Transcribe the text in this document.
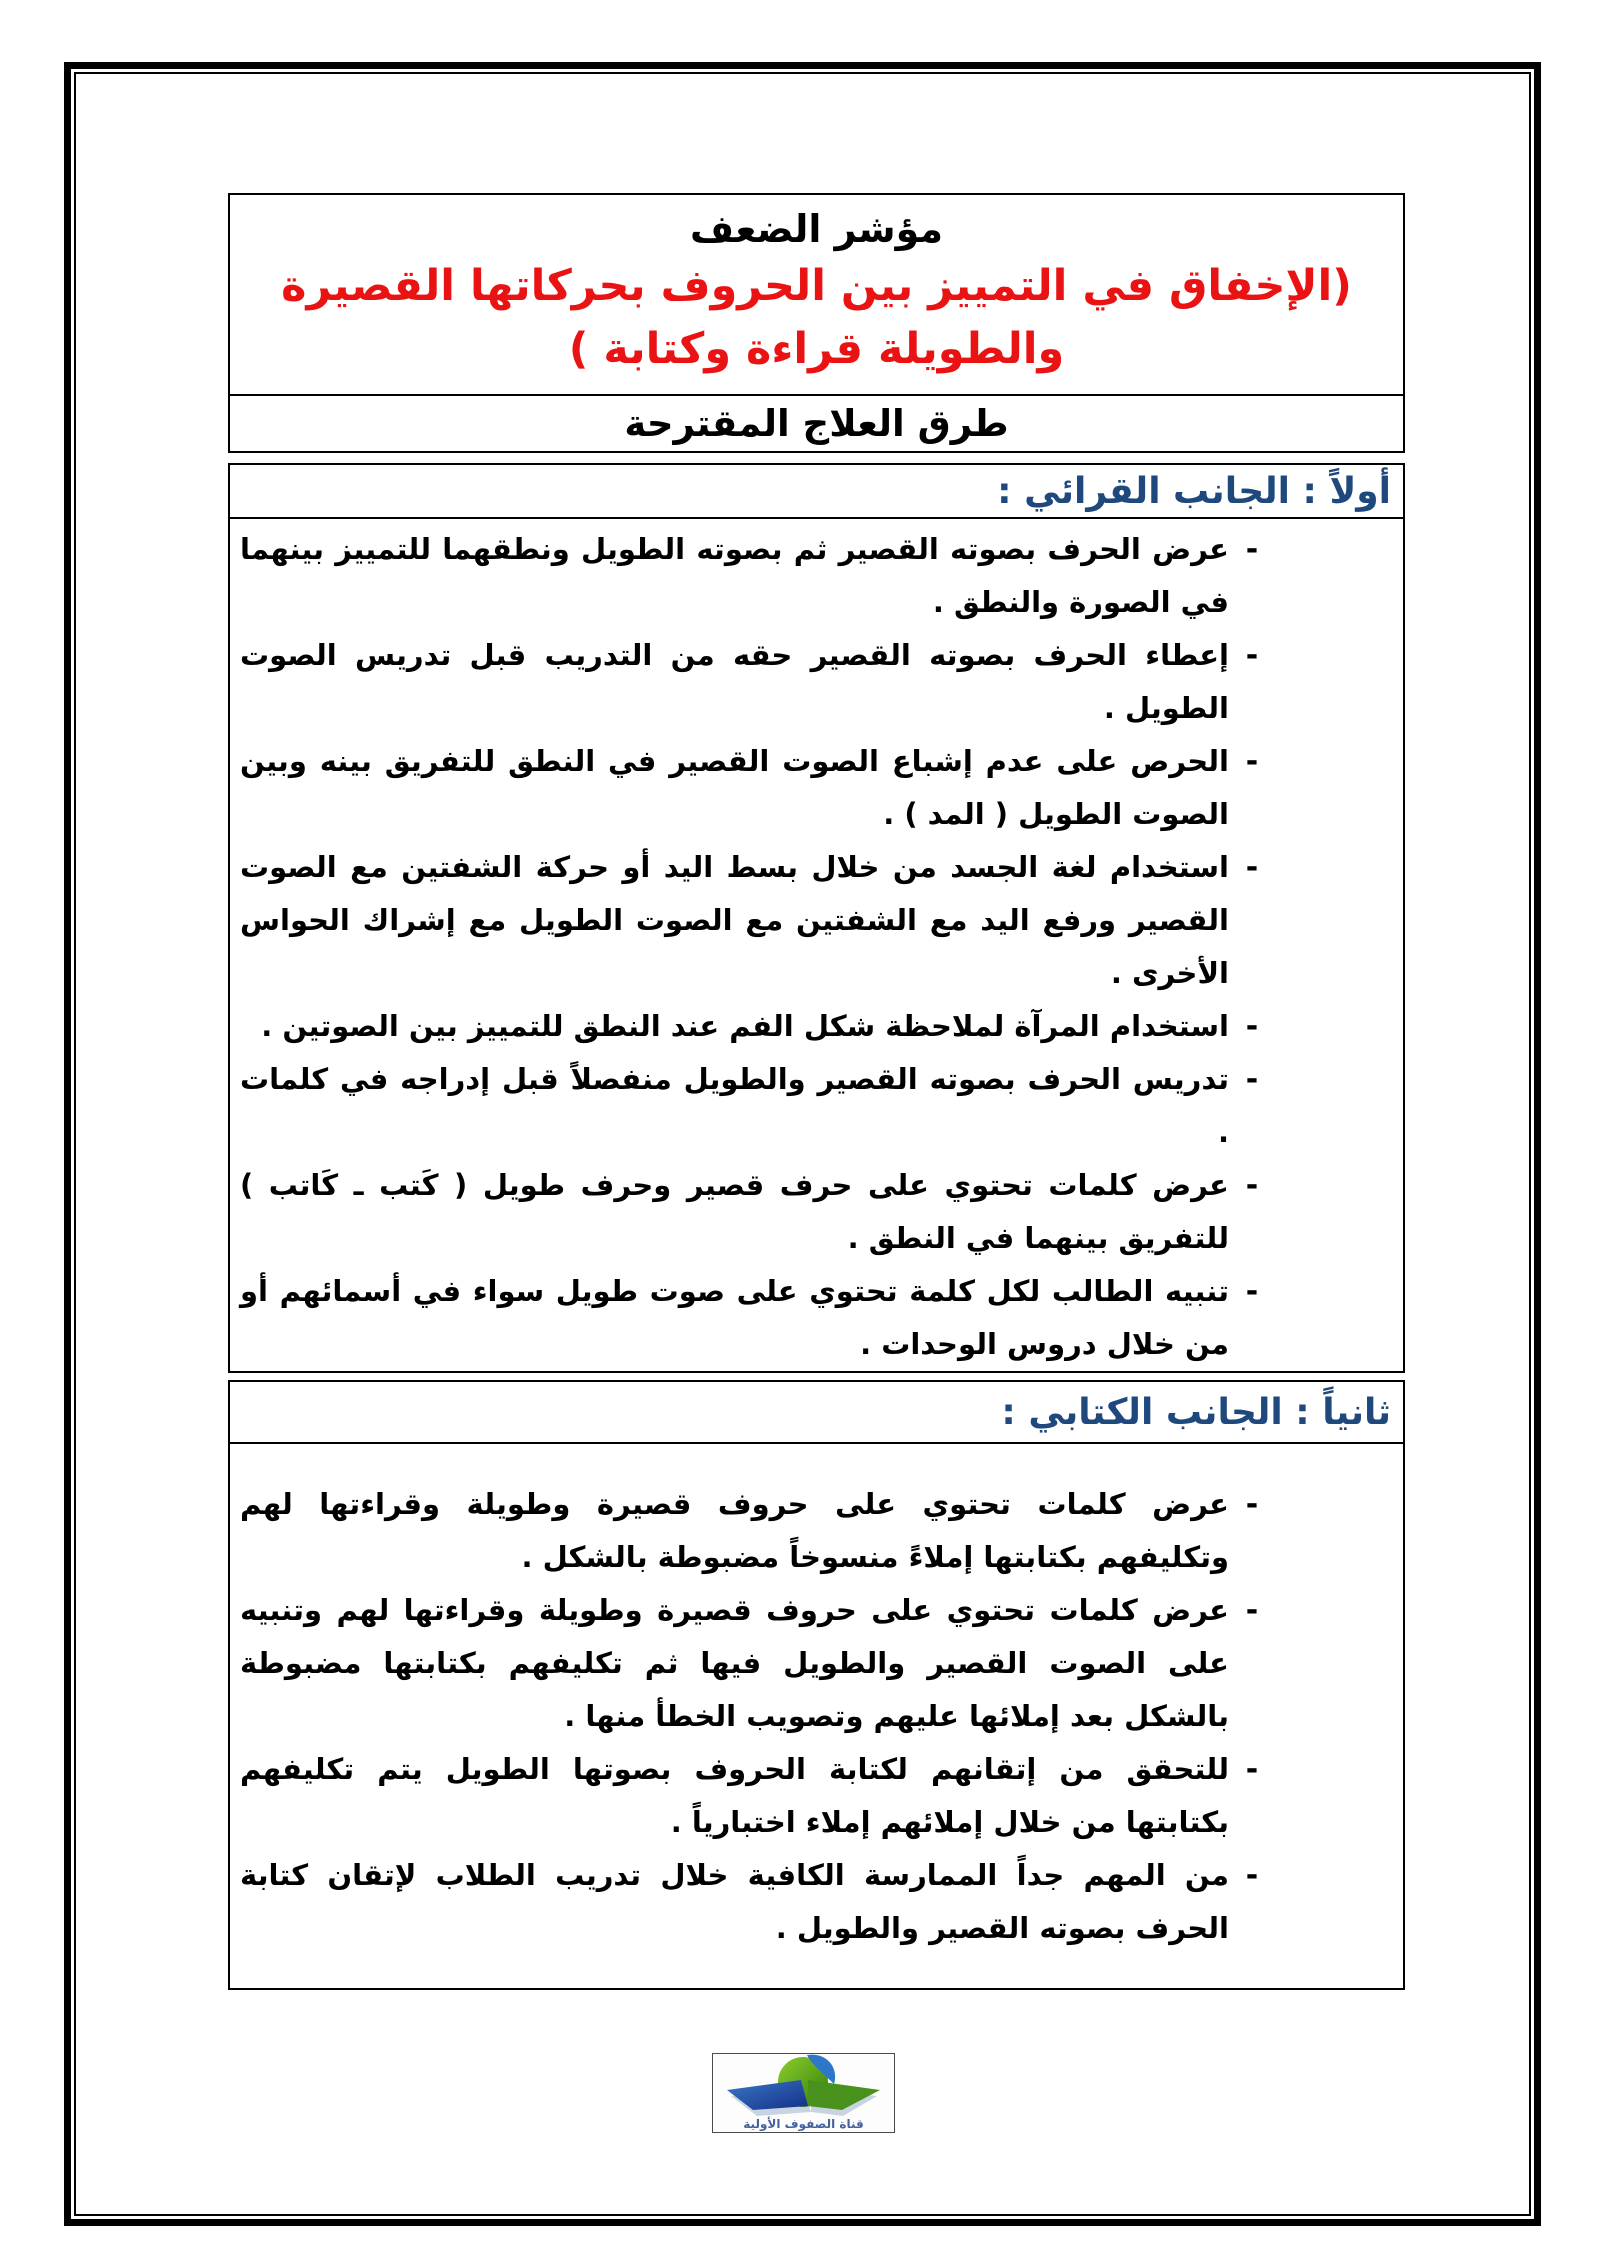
مؤشر الضعف
(الإخفاق في التمييز بين الحروف بحركاتها القصيرة
والطويلة قراءة وكتابة )
طرق العلاج المقترحة
أولاً : الجانب القرائي :
-
عرض الحرف بصوته القصير ثم بصوته الطويل ونطقهما للتمييز بينهما في الصورة والنطق .
-
إعطاء الحرف بصوته القصير حقه من التدريب قبل تدريس الصوت الطويل .
-
الحرص على عدم إشباع الصوت القصير في النطق للتفريق بينه وبين الصوت الطويل ( المد ) .
-
استخدام لغة الجسد من خلال بسط اليد أو حركة الشفتين مع الصوت القصير ورفع اليد مع الشفتين مع الصوت الطويل مع إشراك الحواس الأخرى .
-
استخدام المرآة لملاحظة شكل الفم عند النطق للتمييز بين الصوتين .
-
تدريس الحرف بصوته القصير والطويل منفصلاً قبل إدراجه في كلمات .
-
عرض كلمات تحتوي على حرف قصير وحرف طويل ( كَتب ـ كَاتب ) للتفريق بينهما في النطق .
-
تنبيه الطالب لكل كلمة تحتوي على صوت طويل سواء في أسمائهم أو من خلال دروس الوحدات .
ثانياً : الجانب الكتابي :
-
عرض كلمات تحتوي على حروف قصيرة وطويلة وقراءتها لهم وتكليفهم بكتابتها إملاءً منسوخاً مضبوطة بالشكل .
-
عرض كلمات تحتوي على حروف قصيرة وطويلة وقراءتها لهم وتنبيه على الصوت القصير والطويل فيها ثم تكليفهم بكتابتها مضبوطة بالشكل بعد إملائها عليهم وتصويب الخطأ منها .
-
للتحقق من إتقانهم لكتابة الحروف بصوتها الطويل يتم تكليفهم بكتابتها من خلال إملائهم إملاء اختبارياً .
-
من المهم جداً الممارسة الكافية خلال تدريب الطلاب لإتقان كتابة الحرف بصوته القصير والطويل .
قناة الصفوف الأولية
